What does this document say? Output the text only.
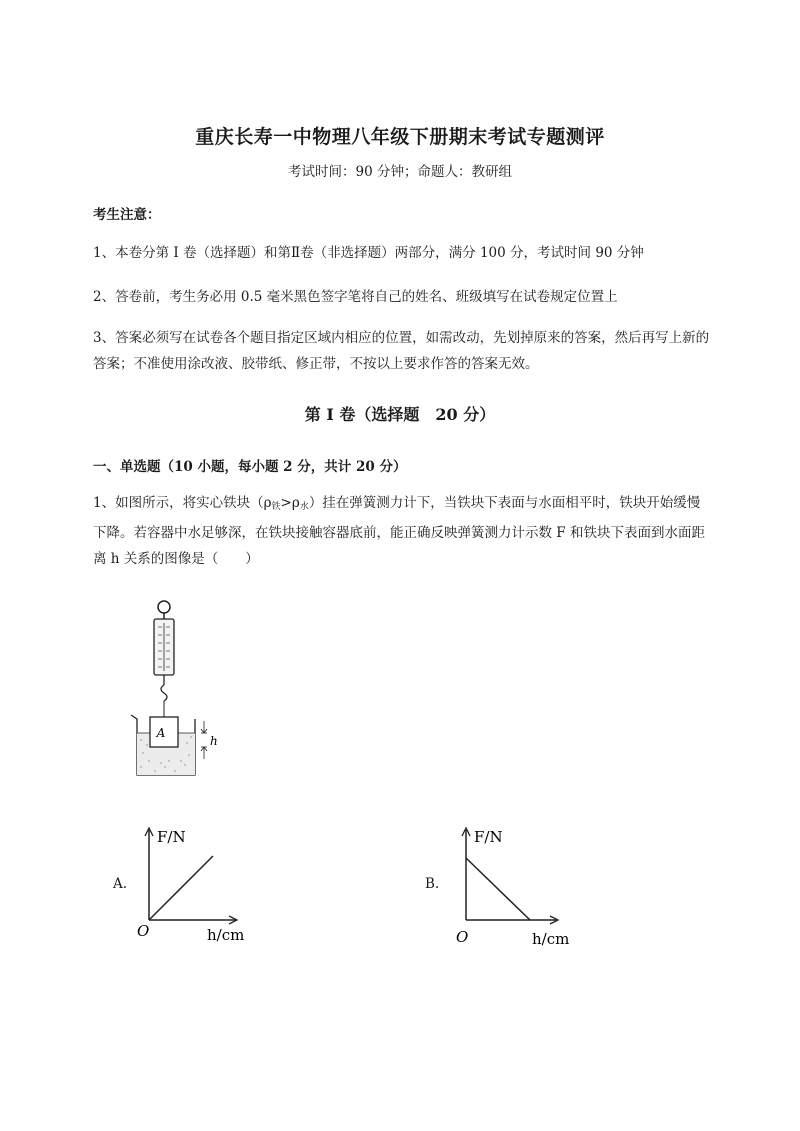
重庆长寿一中物理八年级下册期末考试专题测评
考试时间：90 分钟；命题人：教研组
考生注意：
1、本卷分第 I 卷（选择题）和第Ⅱ卷（非选择题）两部分，满分 100 分，考试时间 90 分钟
2、答卷前，考生务必用 0.5 毫米黑色签字笔将自己的姓名、班级填写在试卷规定位置上
3、答案必须写在试卷各个题目指定区域内相应的位置，如需改动，先划掉原来的答案，然后再写上新的答案；不准使用涂改液、胶带纸、修正带，不按以上要求作答的答案无效。
第 I 卷（选择题　20 分）
一、单选题（10 小题，每小题 2 分，共计 20 分）
1、如图所示，将实心铁块$(\rho_铁>\rho_水)$挂在弹簧测力计下，当铁块下表面与水面相平时，铁块开始缓慢下降。若容器中水足够深，在铁块接触容器底前，能正确反映弹簧测力计示数 F 和铁块下表面到水面距离 h 关系的图像是（　　）
A
h
A.
F/N
O	h/cm
B.
F/N
O	h/cm
